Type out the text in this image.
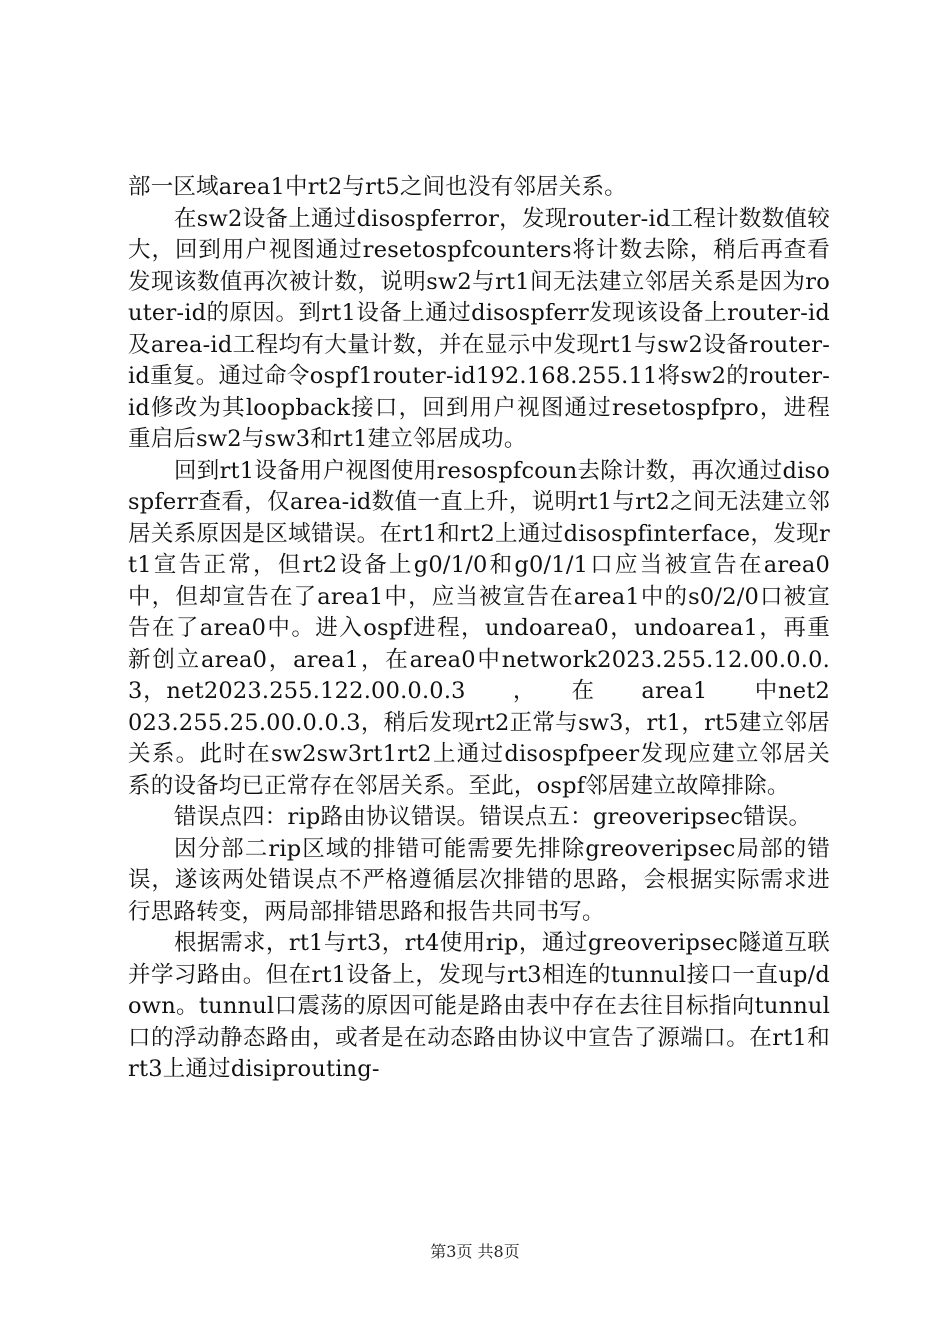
部一区域area1中rt2与rt5之间也没有邻居关系。

在sw2设备上通过disospferror，发现router-id工程计数数值较大，回到用户视图通过resetospfcounters将计数去除，稍后再查看发现该数值再次被计数，说明sw2与rt1间无法建立邻居关系是因为router-id的原因。到rt1设备上通过disospferr发现该设备上router-id及area-id工程均有大量计数，并在显示中发现rt1与sw2设备router-id重复。通过命令ospf1router-id192.168.255.11将sw2的router-id修改为其loopback接口，回到用户视图通过resetospfpro，进程重启后sw2与sw3和rt1建立邻居成功。

回到rt1设备用户视图使用resospfcoun去除计数，再次通过disospferr查看，仅area-id数值一直上升，说明rt1与rt2之间无法建立邻居关系原因是区域错误。在rt1和rt2上通过disospfinterface，发现rt1宣告正常，但rt2设备上g0/1/0和g0/1/1口应当被宣告在area0中，但却宣告在了area1中，应当被宣告在area1中的s0/2/0口被宣告在了area0中。进入ospf进程，undoarea0，undoarea1，再重新创立area0，area1，在area0中network2023.255.12.00.0.0.3，net2023.255.122.00.0.0.3　　，　　在　　area1　　中net2023.255.25.00.0.0.3，稍后发现rt2正常与sw3，rt1，rt5建立邻居关系。此时在sw2sw3rt1rt2上通过disospfpeer发现应建立邻居关系的设备均已正常存在邻居关系。至此，ospf邻居建立故障排除。

错误点四：rip路由协议错误。错误点五：greoveripsec错误。

因分部二rip区域的排错可能需要先排除greoveripsec局部的错误，遂该两处错误点不严格遵循层次排错的思路，会根据实际需求进行思路转变，两局部排错思路和报告共同书写。

根据需求，rt1与rt3，rt4使用rip，通过greoveripsec隧道互联并学习路由。但在rt1设备上，发现与rt3相连的tunnul接口一直up/down。tunnul口震荡的原因可能是路由表中存在去往目标指向tunnul口的浮动静态路由，或者是在动态路由协议中宣告了源端口。在rt1和rt3上通过disiprouting-

第3页 共8页
